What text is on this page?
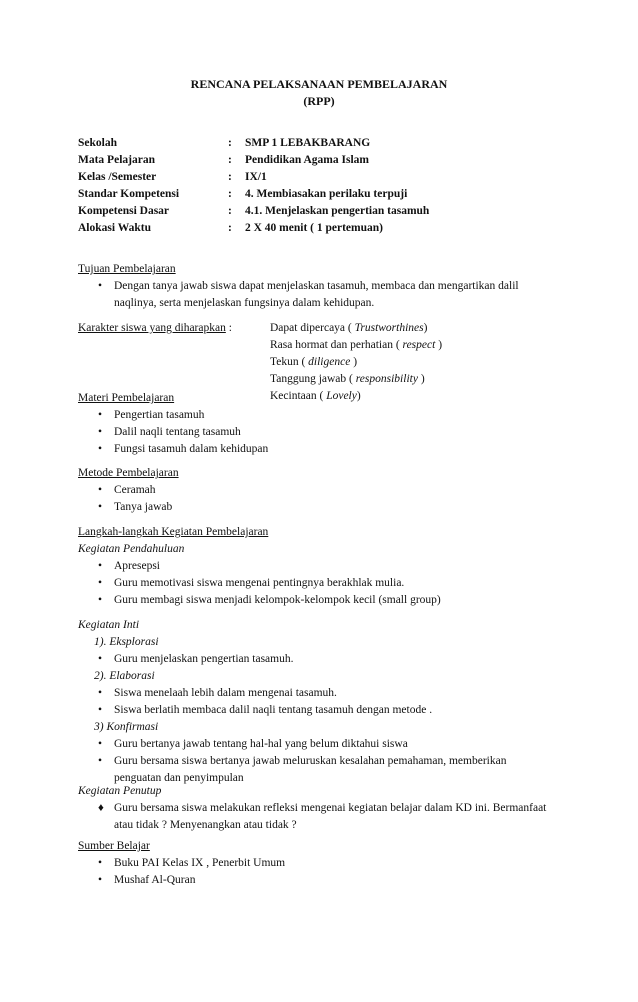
RENCANA PELAKSANAAN PEMBELAJARAN
(RPP)
Sekolah	: SMP 1 LEBAKBARANG
Mata Pelajaran	: Pendidikan Agama Islam
Kelas /Semester	: IX/1
Standar Kompetensi	: 4. Membiasakan perilaku terpuji
Kompetensi Dasar	: 4.1. Menjelaskan pengertian tasamuh
Alokasi Waktu	: 2 X 40 menit ( 1 pertemuan)
Tujuan Pembelajaran
• Dengan tanya jawab siswa dapat menjelaskan tasamuh, membaca dan mengartikan dalil
naqlinya, serta menjelaskan fungsinya dalam kehidupan.
Karakter siswa yang diharapkan :	Dapat dipercaya ( Trustworthines)
Rasa hormat dan perhatian ( respect )
Tekun ( diligence )
Tanggung jawab ( responsibility )
Kecintaan ( Lovely)
Materi Pembelajaran
• Pengertian tasamuh
• Dalil naqli tentang tasamuh
• Fungsi tasamuh dalam kehidupan
Metode Pembelajaran
• Ceramah
• Tanya jawab
Langkah-langkah Kegiatan Pembelajaran
Kegiatan Pendahuluan
• Apresepsi
• Guru memotivasi siswa mengenai pentingnya berakhlak mulia.
• Guru membagi siswa menjadi kelompok-kelompok kecil (small group)
Kegiatan Inti
1). Eksplorasi
• Guru menjelaskan pengertian tasamuh.
2). Elaborasi
• Siswa menelaah lebih dalam mengenai tasamuh.
• Siswa berlatih membaca dalil naqli tentang tasamuh dengan metode .
3) Konfirmasi
• Guru bertanya jawab tentang hal-hal yang belum diktahui siswa
• Guru bersama siswa bertanya jawab meluruskan kesalahan pemahaman, memberikan
penguatan dan penyimpulan
Kegiatan Penutup
♦ Guru bersama siswa melakukan refleksi mengenai kegiatan belajar dalam KD ini. Bermanfaat
atau tidak ? Menyenangkan atau tidak ?
Sumber Belajar
• Buku PAI Kelas IX , Penerbit Umum
• Mushaf Al-Quran
